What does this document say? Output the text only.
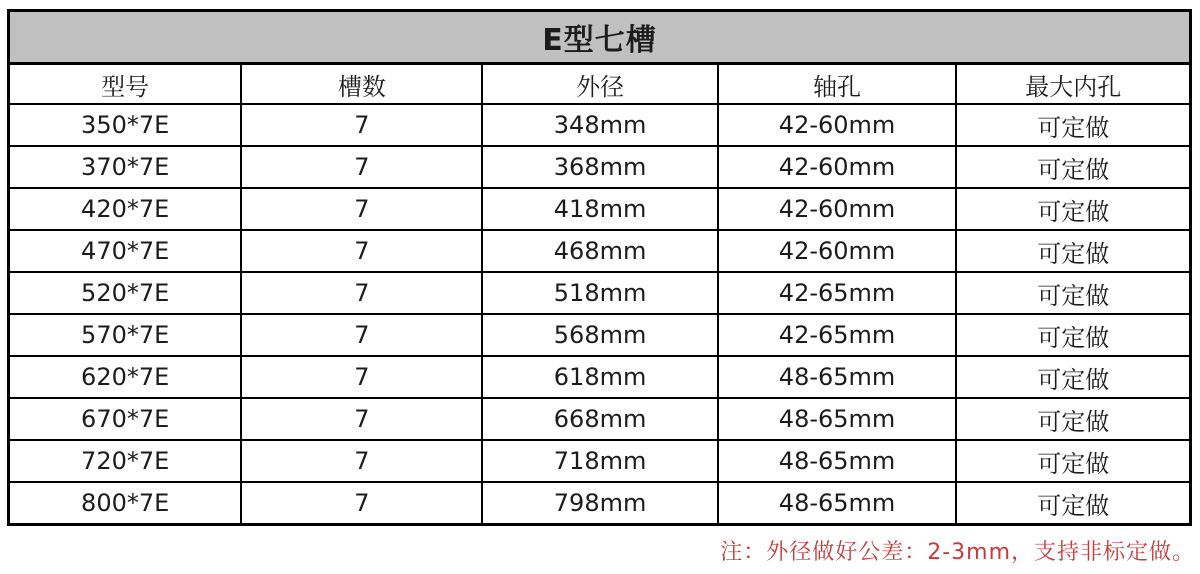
E型七槽				
型号	槽数	外径	轴孔	最大内孔
350*7E	7	348mm	42-60mm	可定做
370*7E	7	368mm	42-60mm	可定做
420*7E	7	418mm	42-60mm	可定做
470*7E	7	468mm	42-60mm	可定做
520*7E	7	518mm	42-65mm	可定做
570*7E	7	568mm	42-65mm	可定做
620*7E	7	618mm	48-65mm	可定做
670*7E	7	668mm	48-65mm	可定做
720*7E	7	718mm	48-65mm	可定做
800*7E	7	798mm	48-65mm	可定做
注：外径做好公差：2-3mm，支持非标定做。
